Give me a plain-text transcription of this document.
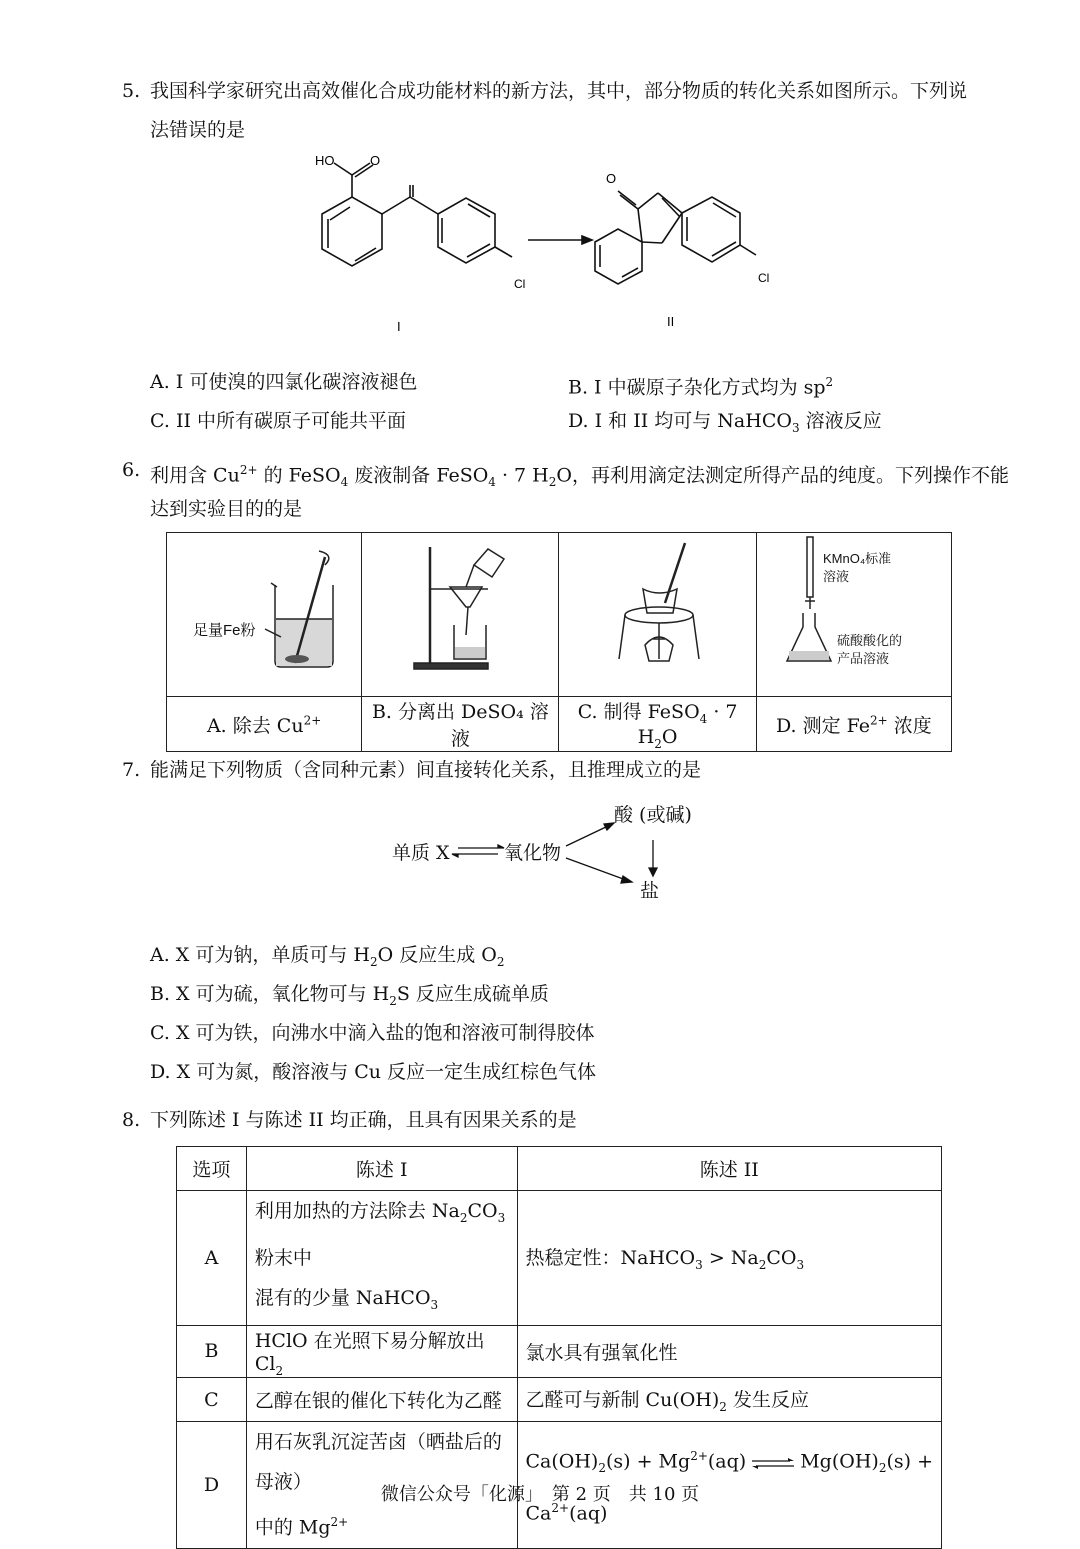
5. 我国科学家研究出高效催化合成功能材料的新方法，其中，部分物质的转化关系如图所示。下列说
法错误的是
HO	O
Cl
O
Cl
I	II
A. I 可使溴的四氯化碳溶液褪色	B. I 中碳原子杂化方式均为 $sp^2$
C. II 中所有碳原子可能共平面	D. I 和 II 均可与 NaHCO$_3$ 溶液反应
6. 利用含 $Cu^{2+}$ 的 FeSO$_4$ 废液制备 FeSO$_4$ · 7 $H_2O$，再利用滴定法测定所得产品的纯度。下列操作不能
达到实验目的的是
足量Fe粉			KMnO₄标准
溶液
硫酸酸化的
产品溶液

A. 除去 $Cu^{2+}$	B. 分离出 DeSO₄ 溶液	C. 制得 FeSO$_4$ · 7 $H_2O$	D. 测定 $Fe^{2+}$ 浓度
7. 能满足下列物质（含同种元素）间直接转化关系，且推理成立的是
单质 X	氧化物
酸 (或碱)
盐
A. X 可为钠，单质可与 $H_2O$ 反应生成 $O_2$
B. X 可为硫，氧化物可与 $H_2S$ 反应生成硫单质
C. X 可为铁，向沸水中滴入盐的饱和溶液可制得胶体
D. X 可为氮，酸溶液与 Cu 反应一定生成红棕色气体
8. 下列陈述 I 与陈述 II 均正确，且具有因果关系的是
选项	陈述 I	陈述 II
A	利用加热的方法除去 $Na_2CO_3$ 粉末中
混有的少量 NaHCO$_3$	热稳定性：NaHCO$_3$ > $Na_2CO_3$
B	HClO 在光照下易分解放出 $Cl_2$	氯水具有强氧化性
C	乙醇在银的催化下转化为乙醛	乙醛可与新制 $Cu(OH)_2$ 发生反应
D	用石灰乳沉淀苦卤（晒盐后的母液）
中的 $Mg^{2+}$	$Ca(OH)_2(s) + Mg^{2+}(aq)$ ⇌ $Mg(OH)_2(s)$ +
$Ca^{2+}(aq)$
微信公众号「化源」　第 2 页　共 10 页
